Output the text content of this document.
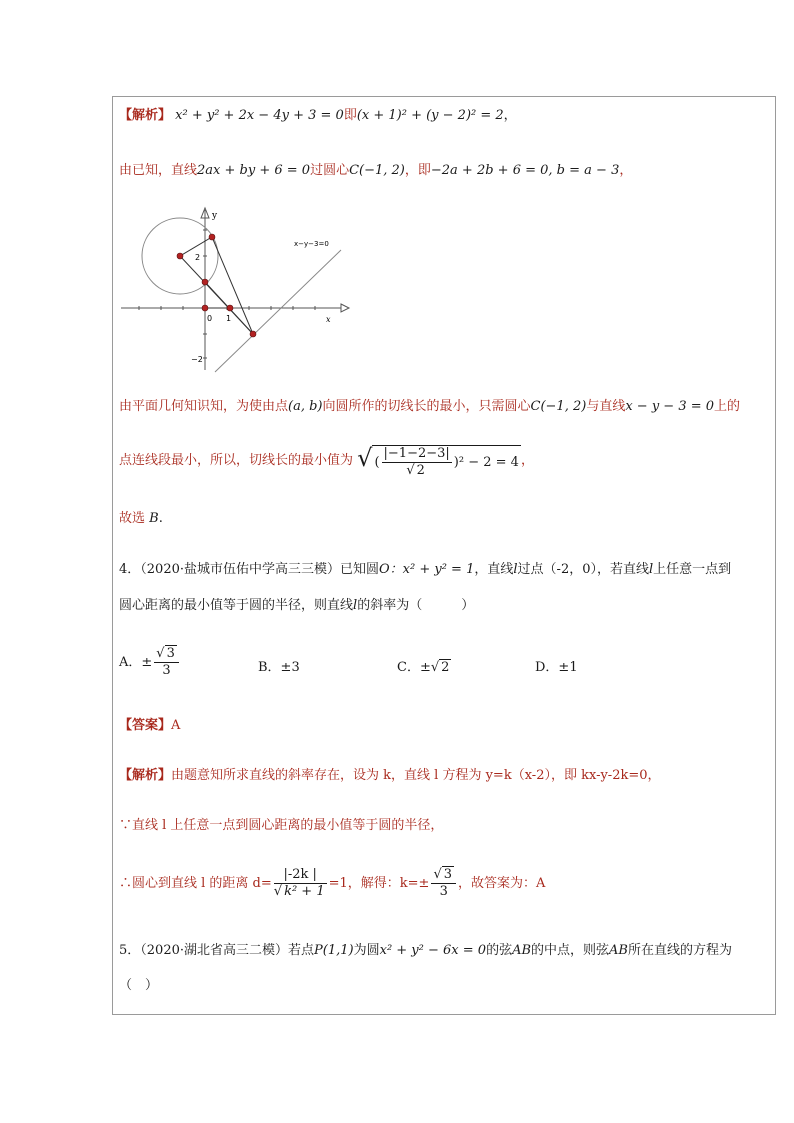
【解析】 x² + y² + 2x − 4y + 3 = 0即(x + 1)² + (y − 2)² = 2，
由已知，直线2ax + by + 6 = 0过圆心C(−1, 2)，即−2a + 2b + 6 = 0, b = a − 3，
y
x
x−y−3=0
2
0 1
−2
由平面几何知识知，为使由点(a, b)向圆所作的切线长的最小，只需圆心C(−1, 2)与直线x − y − 3 = 0上的
点连线段最小，所以，切线长的最小值为 √ ( $\frac{|-1-2-3|}{√ 2} )^2 - 2 = 4$ ，
故选 B.
4．（2020·盐城市伍佑中学高三三模）已知圆O：x² + y² = 1，直线l过点（-2，0），若直线l上任意一点到
圆心距离的最小值等于圆的半径，则直线l的斜率为（　　　）
A．± $\frac{√ 3}{3}$	B．±3	C．±√ 2	D．±1
【答案】A
【解析】由题意知所求直线的斜率存在，设为 k，直线 l 方程为 y=k（x-2），即 kx-y-2k=0，
∵直线 l 上任意一点到圆心距离的最小值等于圆的半径，
∴圆心到直线 l 的距离 $d= \frac{|-2k |}{\text{√ k² + 1}} =1$，解得：$k=\pm \frac{√ 3}{3}$ ，故答案为：A
5．（2020·湖北省高三二模）若点P(1,1)为圆x² + y² − 6x = 0的弦AB的中点，则弦AB所在直线的方程为
（　）
